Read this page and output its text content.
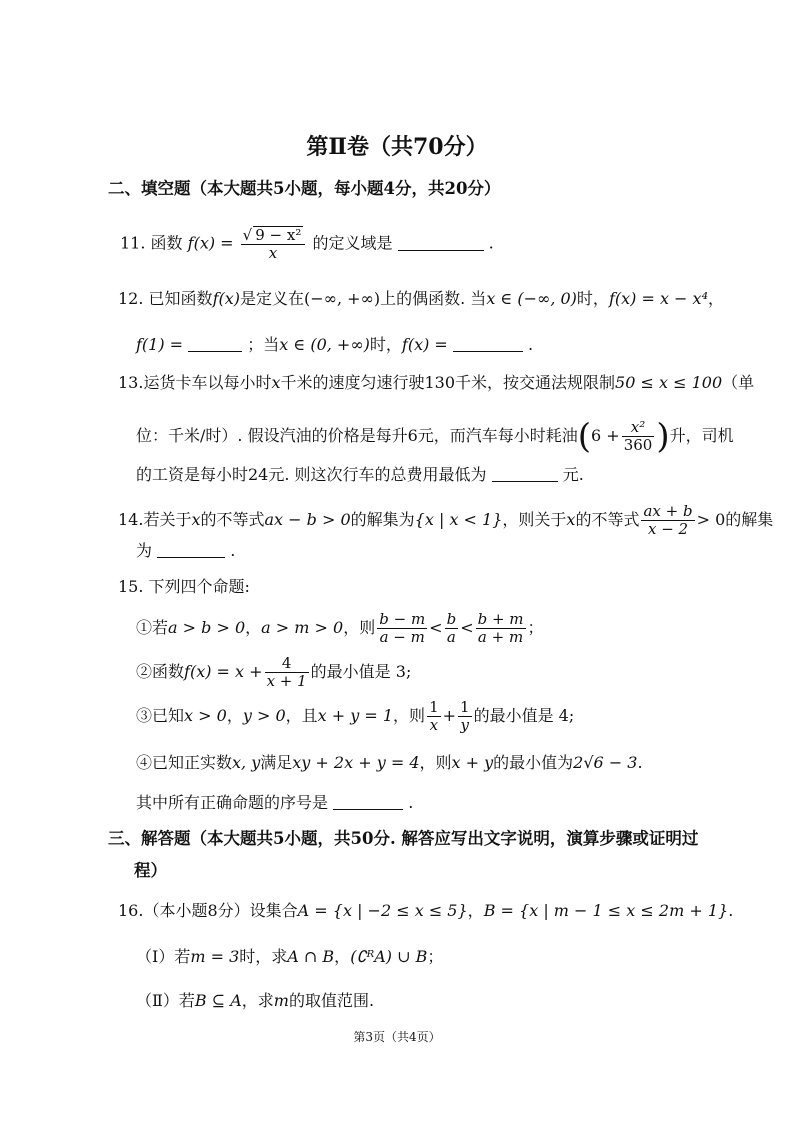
第Ⅱ卷（共70分）
二、填空题（本大题共5小题，每小题4分，共20分）
11. 函数 $f(x) = \frac{\text{√ 9 − x²}}{x}$ 的定义域是	.
12. 已知函数f(x)是定义在(−∞, +∞)上的偶函数. 当x ∈ (−∞, 0)时，f(x) = x − x⁴，
f(1) =	；当x ∈ (0, +∞)时，f(x) =	.
13.运货卡车以每小时x千米的速度匀速行驶130千米，按交通法规限制50 ≤ x ≤ 100（单
位：千米/时）. 假设汽油的价格是每升6元，而汽车每小时耗油($6 + \frac{\text{x²}}{360}$ )升，司机
的工资是每小时24元. 则这次行车的总费用最低为	元.
14.若关于x的不等式ax − b > 0的解集为{x | x < 1}，则关于x的不等式 $\frac{ax + b}{x - 2} > 0$的解集
为	.
15. 下列四个命题:
①若a > b > 0，a > m > 0，则 $\frac{b - m}{a - m} < \frac{b}{a} < \frac{b + m}{a + m}$ ；
②函数$f(x) = x + \frac{4}{x + 1}$ 的最小值是 3;
③已知x > 0，y > 0，且x + y = 1，则 $\frac{1}{x} + \frac{1}{y}$ 的最小值是 4;
④已知正实数x, y满足xy + 2x + y = 4，则x + y的最小值为2√6 − 3.
其中所有正确命题的序号是	.
三、解答题（本大题共5小题，共50分. 解答应写出文字说明，演算步骤或证明过
程）
16.（本小题8分）设集合A = {x | −2 ≤ x ≤ 5}，B = {x | m − 1 ≤ x ≤ 2m + 1}.
（Ⅰ）若m = 3时，求A ∩ B，(∁ᴿA) ∪ B；
（Ⅱ）若B ⊆ A，求m的取值范围.
第3页（共4页）
